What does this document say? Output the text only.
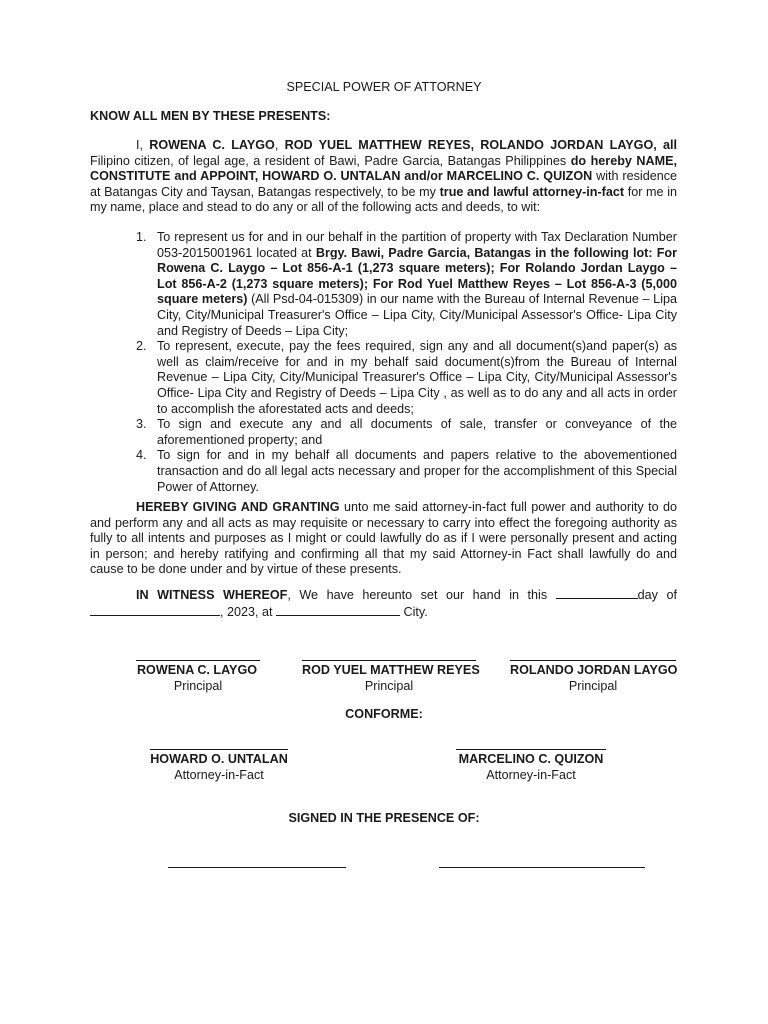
SPECIAL POWER OF ATTORNEY
KNOW ALL MEN BY THESE PRESENTS:
I, ROWENA C. LAYGO, ROD YUEL MATTHEW REYES, ROLANDO JORDAN LAYGO, all Filipino citizen, of legal age, a resident of Bawi, Padre Garcia, Batangas Philippines do hereby NAME, CONSTITUTE and APPOINT, HOWARD O. UNTALAN and/or MARCELINO C. QUIZON with residence at Batangas City and Taysan, Batangas respectively, to be my true and lawful attorney-in-fact for me in my name, place and stead to do any or all of the following acts and deeds, to wit:
1. To represent us for and in our behalf in the partition of property with Tax Declaration Number 053-2015001961 located at Brgy. Bawi, Padre Garcia, Batangas in the following lot: For Rowena C. Laygo – Lot 856-A-1 (1,273 square meters); For Rolando Jordan Laygo – Lot 856-A-2 (1,273 square meters); For Rod Yuel Matthew Reyes – Lot 856-A-3 (5,000 square meters) (All Psd-04-015309) in our name with the Bureau of Internal Revenue – Lipa City, City/Municipal Treasurer's Office – Lipa City, City/Municipal Assessor's Office- Lipa City and Registry of Deeds – Lipa City;
2. To represent, execute, pay the fees required, sign any and all document(s)and paper(s) as well as claim/receive for and in my behalf said document(s)from the Bureau of Internal Revenue – Lipa City, City/Municipal Treasurer's Office – Lipa City, City/Municipal Assessor's Office- Lipa City and Registry of Deeds – Lipa City , as well as to do any and all acts in order to accomplish the aforestated acts and deeds;
3. To sign and execute any and all documents of sale, transfer or conveyance of the aforementioned property; and
4. To sign for and in my behalf all documents and papers relative to the abovementioned transaction and do all legal acts necessary and proper for the accomplishment of this Special Power of Attorney.
HEREBY GIVING AND GRANTING unto me said attorney-in-fact full power and authority to do and perform any and all acts as may requisite or necessary to carry into effect the foregoing authority as fully to all intents and purposes as I might or could lawfully do as if I were personally present and acting in person; and hereby ratifying and confirming all that my said Attorney-in Fact shall lawfully do and cause to be done under and by virtue of these presents.
IN WITNESS WHEREOF, We have hereunto set our hand in this	day of , 2023, at	City.
ROWENA C. LAYGO
Principal
ROD YUEL MATTHEW REYES
Principal
ROLANDO JORDAN LAYGO
Principal
CONFORME:
HOWARD O. UNTALAN
Attorney-in-Fact
MARCELINO C. QUIZON
Attorney-in-Fact
SIGNED IN THE PRESENCE OF:
